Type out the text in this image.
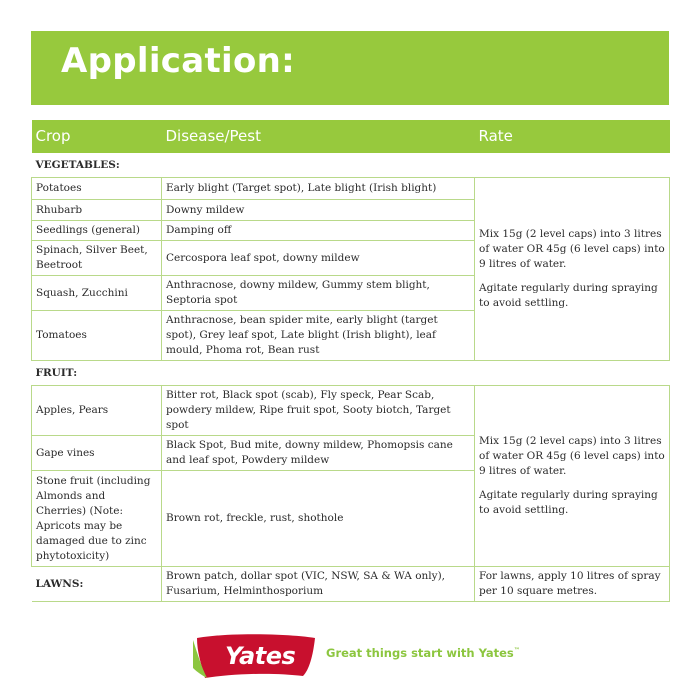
Application:
Crop	Disease/Pest	Rate
VEGETABLES:		
Potatoes	Early blight (Target spot), Late blight (Irish blight)	Mix 15g (2 level caps) into 3 litres of water OR 45g (6 level caps) into 9 litres of water.

Agitate regularly during spraying to avoid settling.

Rhubarb	Downy mildew	
Seedlings (general)	Damping off	
Spinach, Silver Beet, Beetroot	Cercospora leaf spot, downy mildew	
Squash, Zucchini	Anthracnose, downy mildew, Gummy stem blight, Septoria spot	
Tomatoes	Anthracnose, bean spider mite, early blight (target spot), Grey leaf spot, Late blight (Irish blight), leaf mould, Phoma rot, Bean rust	
FRUIT:		
Apples, Pears	Bitter rot, Black spot (scab), Fly speck, Pear Scab, powdery mildew, Ripe fruit spot, Sooty biotch, Target spot	Mix 15g (2 level caps) into 3 litres of water OR 45g (6 level caps) into 9 litres of water.

Agitate regularly during spraying to avoid settling.

Gape vines	Black Spot, Bud mite, downy mildew, Phomopsis cane and leaf spot, Powdery mildew	
Stone fruit (including Almonds and Cherries) (Note: Apricots may be damaged due to zinc phytotoxicity)	Brown rot, freckle, rust, shothole	
LAWNS:	Brown patch, dollar spot (VIC, NSW, SA & WA only), Fusarium, Helminthosporium	For lawns, apply 10 litres of spray per 10 square metres.
Yates	Great things start with Yates™
